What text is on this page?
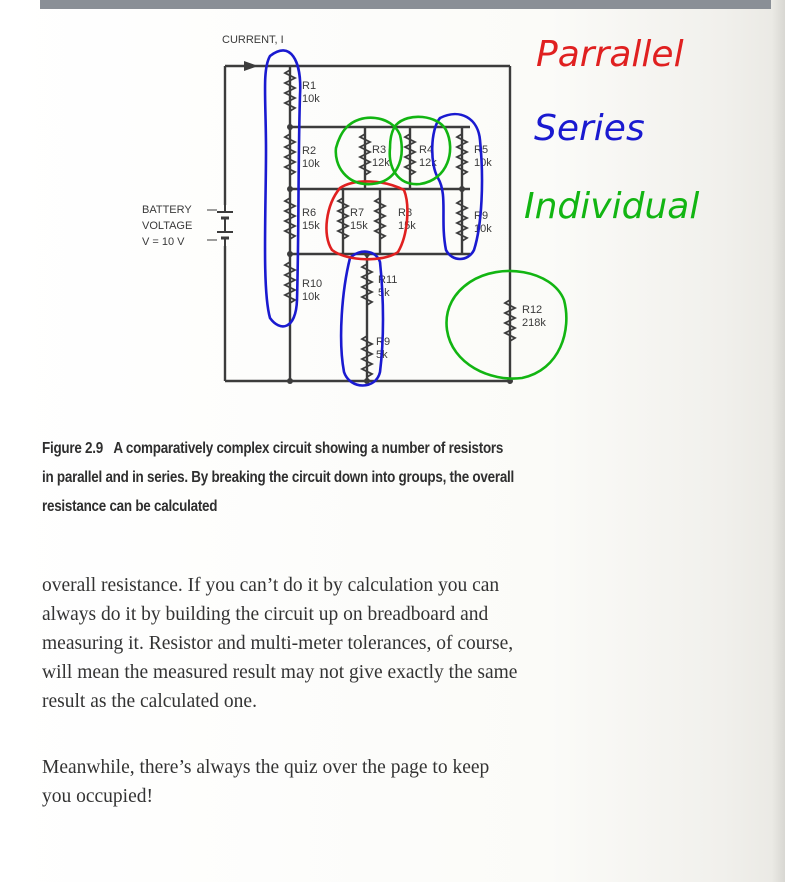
CURRENT, I
BATTERY
VOLTAGE
V = 10 V
R1
10k
R2
10k
R3
12k
R4
12k
R5
10k
R6
15k
R7
15k
R8
15k
R9
10k
R10
10k
R11
5k
R9
5k
R12
218k
Parrallel
Series
Individual
Figure 2.9 A comparatively complex circuit showing a number of resistors
in parallel and in series. By breaking the circuit down into groups, the overall
resistance can be calculated
overall resistance. If you can’t do it by calculation you can
always do it by building the circuit up on breadboard and
measuring it. Resistor and multi-meter tolerances, of course,
will mean the measured result may not give exactly the same
result as the calculated one.
Meanwhile, there’s always the quiz over the page to keep
you occupied!
